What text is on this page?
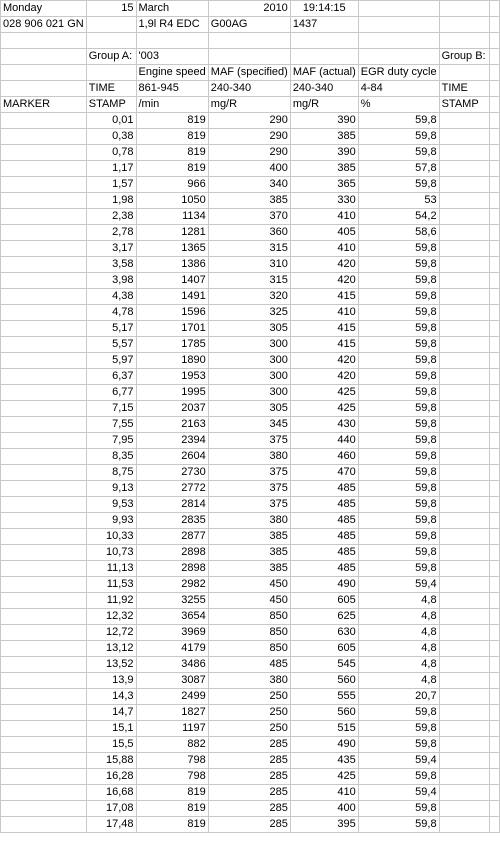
Monday	15	March	2010	19:14:15			
028 906 021 GN		1,9l R4 EDC	G00AG	1437			

	Group A:	'003				Group B:	
		Engine speed	MAF (specified)	MAF (actual)	EGR duty cycle		
	TIME	861-945	240-340	240-340	4-84	TIME	
MARKER	STAMP	/min	mg/R	mg/R	%	STAMP	
	0,01	819	290	390	59,8		
	0,38	819	290	385	59,8		
	0,78	819	290	390	59,8		
	1,17	819	400	385	57,8		
	1,57	966	340	365	59,8		
	1,98	1050	385	330	53		
	2,38	1134	370	410	54,2		
	2,78	1281	360	405	58,6		
	3,17	1365	315	410	59,8		
	3,58	1386	310	420	59,8		
	3,98	1407	315	420	59,8		
	4,38	1491	320	415	59,8		
	4,78	1596	325	410	59,8		
	5,17	1701	305	415	59,8		
	5,57	1785	300	415	59,8		
	5,97	1890	300	420	59,8		
	6,37	1953	300	420	59,8		
	6,77	1995	300	425	59,8		
	7,15	2037	305	425	59,8		
	7,55	2163	345	430	59,8		
	7,95	2394	375	440	59,8		
	8,35	2604	380	460	59,8		
	8,75	2730	375	470	59,8		
	9,13	2772	375	485	59,8		
	9,53	2814	375	485	59,8		
	9,93	2835	380	485	59,8		
	10,33	2877	385	485	59,8		
	10,73	2898	385	485	59,8		
	11,13	2898	385	485	59,8		
	11,53	2982	450	490	59,4		
	11,92	3255	450	605	4,8		
	12,32	3654	850	625	4,8		
	12,72	3969	850	630	4,8		
	13,12	4179	850	605	4,8		
	13,52	3486	485	545	4,8		
	13,9	3087	380	560	4,8		
	14,3	2499	250	555	20,7		
	14,7	1827	250	560	59,8		
	15,1	1197	250	515	59,8		
	15,5	882	285	490	59,8		
	15,88	798	285	435	59,4		
	16,28	798	285	425	59,8		
	16,68	819	285	410	59,4		
	17,08	819	285	400	59,8		
	17,48	819	285	395	59,8		
